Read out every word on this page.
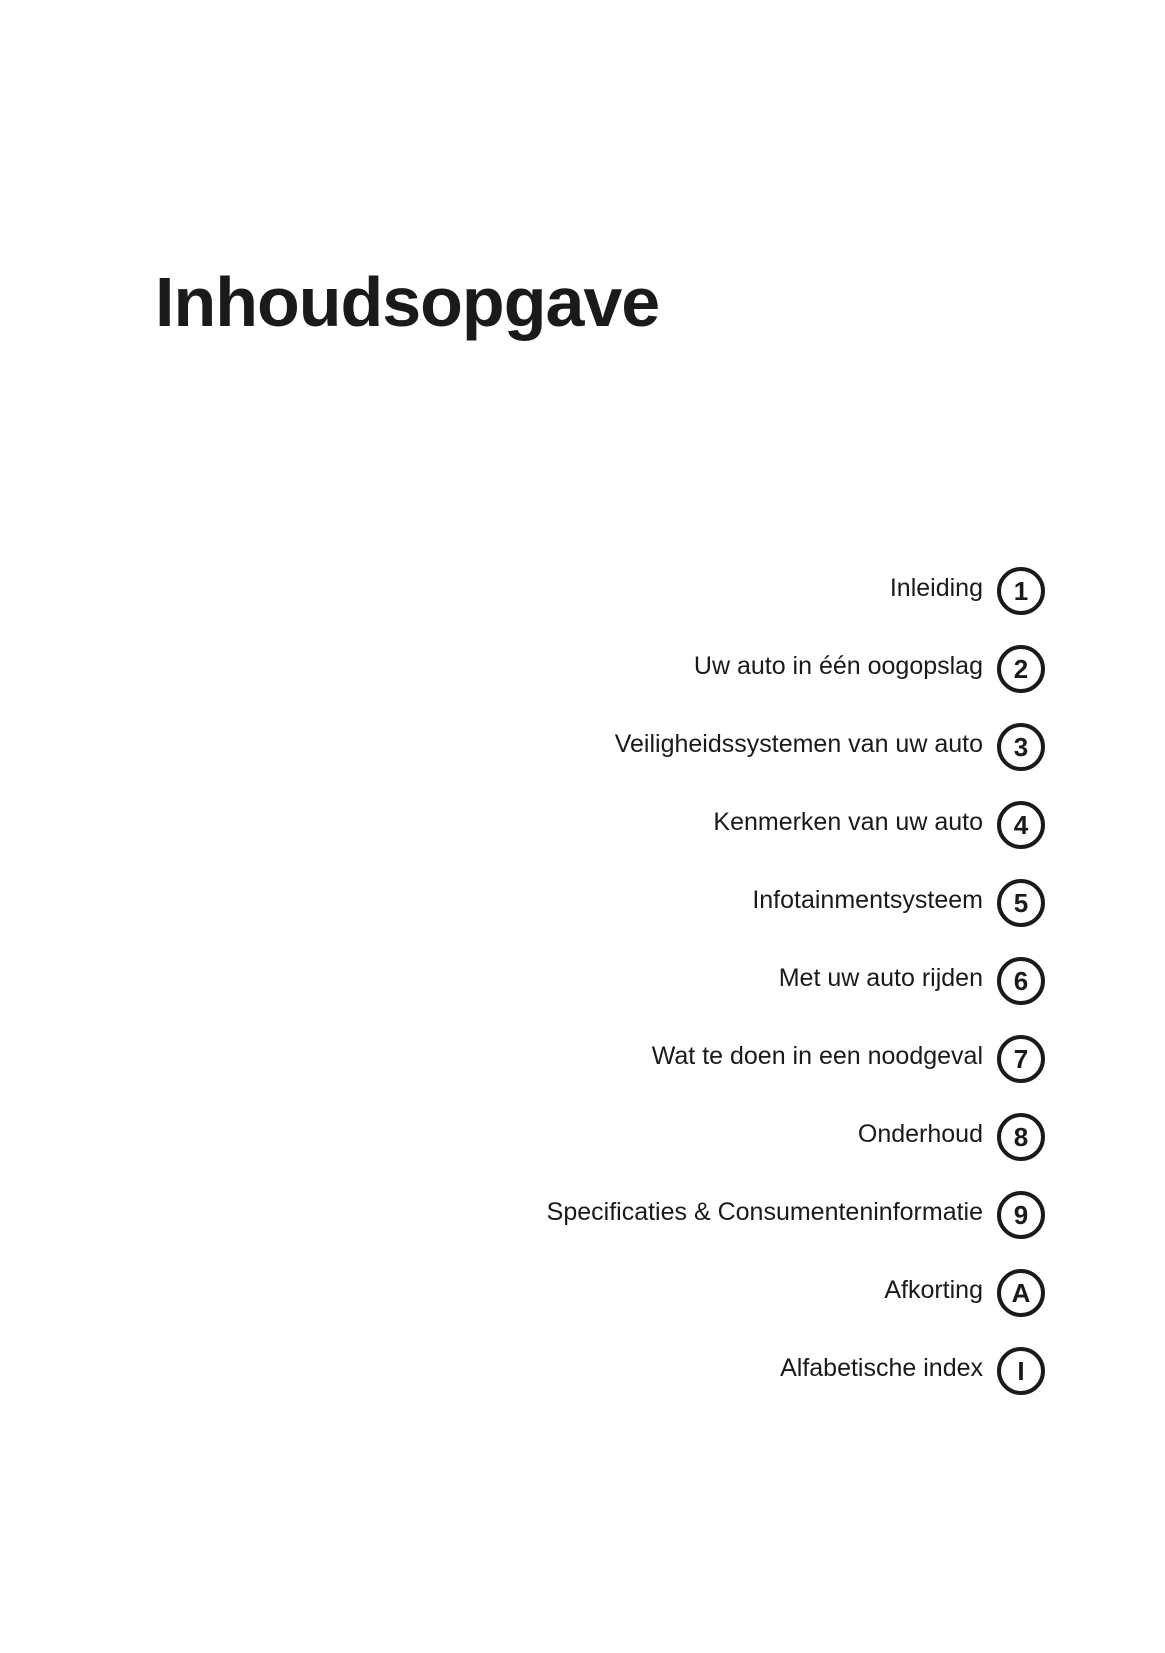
Inhoudsopgave
Inleiding	1
Uw auto in één oogopslag	2
Veiligheidssystemen van uw auto	3
Kenmerken van uw auto	4
Infotainmentsysteem	5
Met uw auto rijden	6
Wat te doen in een noodgeval	7
Onderhoud	8
Specificaties & Consumenteninformatie	9
Afkorting	A
Alfabetische index	I
